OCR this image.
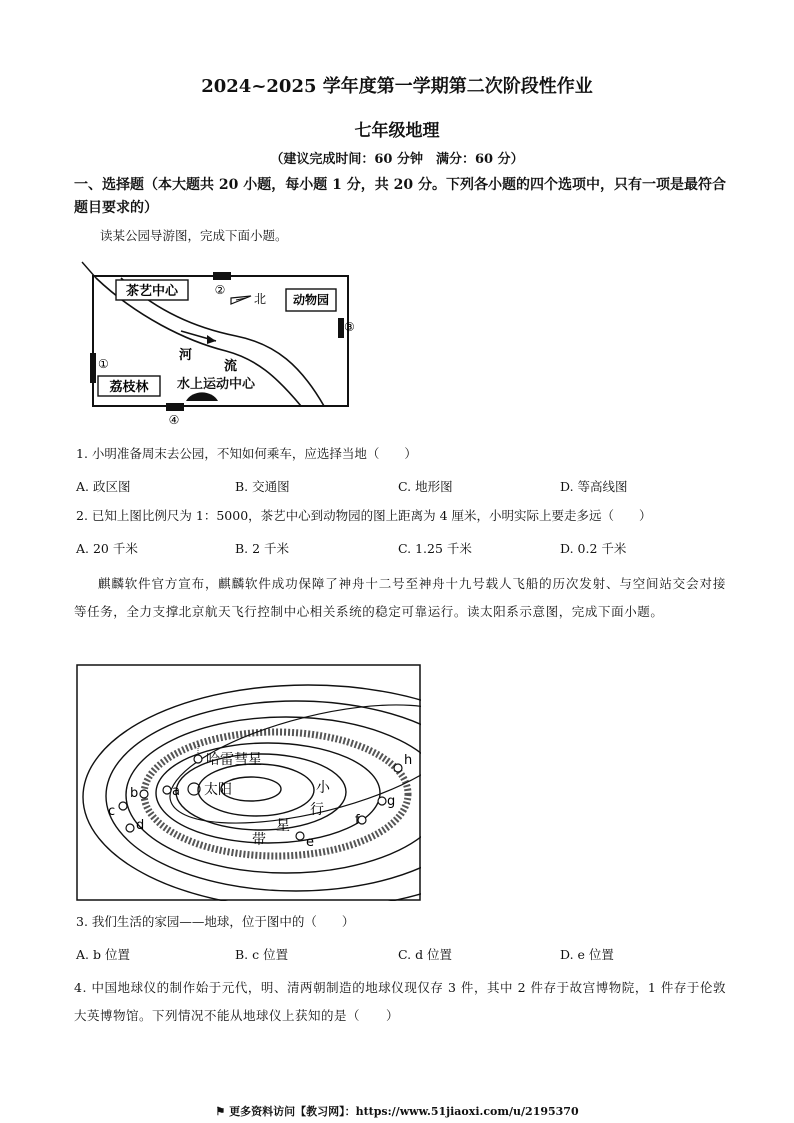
2024~2025 学年度第一学期第二次阶段性作业
七年级地理
（建议完成时间：60 分钟　满分：60 分）
一、选择题（本大题共 20 小题，每小题 1 分，共 20 分。下列各小题的四个选项中，只有一项是最符合题目要求的）
读某公园导游图，完成下面小题。
②
③
①
④
北
茶艺中心
动物园
荔枝林
河
流
水上运动中心
1. 小明准备周末去公园，不知如何乘车，应选择当地（　　）
A. 政区图	B. 交通图	C. 地形图	D. 等高线图
2. 已知上图比例尺为 1：5000，茶艺中心到动物园的图上距离为 4 厘米，小明实际上要走多远（　　）
A. 20 千米	B. 2 千米	C. 1.25 千米	D. 0.2 千米
麒麟软件官方宣布，麒麟软件成功保障了神舟十二号至神舟十九号载人飞船的历次发射、与空间站交会对接等任务，全力支撑北京航天飞行控制中心相关系统的稳定可靠运行。读太阳系示意图，完成下面小题。
太阳
哈雷彗星
小
行
星
带
a
b
c
d
e
f
g
h
3. 我们生活的家园——地球，位于图中的（　　）
A. b 位置	B. c 位置	C. d 位置	D. e 位置
4. 中国地球仪的制作始于元代，明、清两朝制造的地球仪现仅存 3 件，其中 2 件存于故宫博物院，1 件存于伦敦大英博物馆。下列情况不能从地球仪上获知的是（　　）
⚑ 更多资料访问【教习网】：https://www.51jiaoxi.com/u/2195370
